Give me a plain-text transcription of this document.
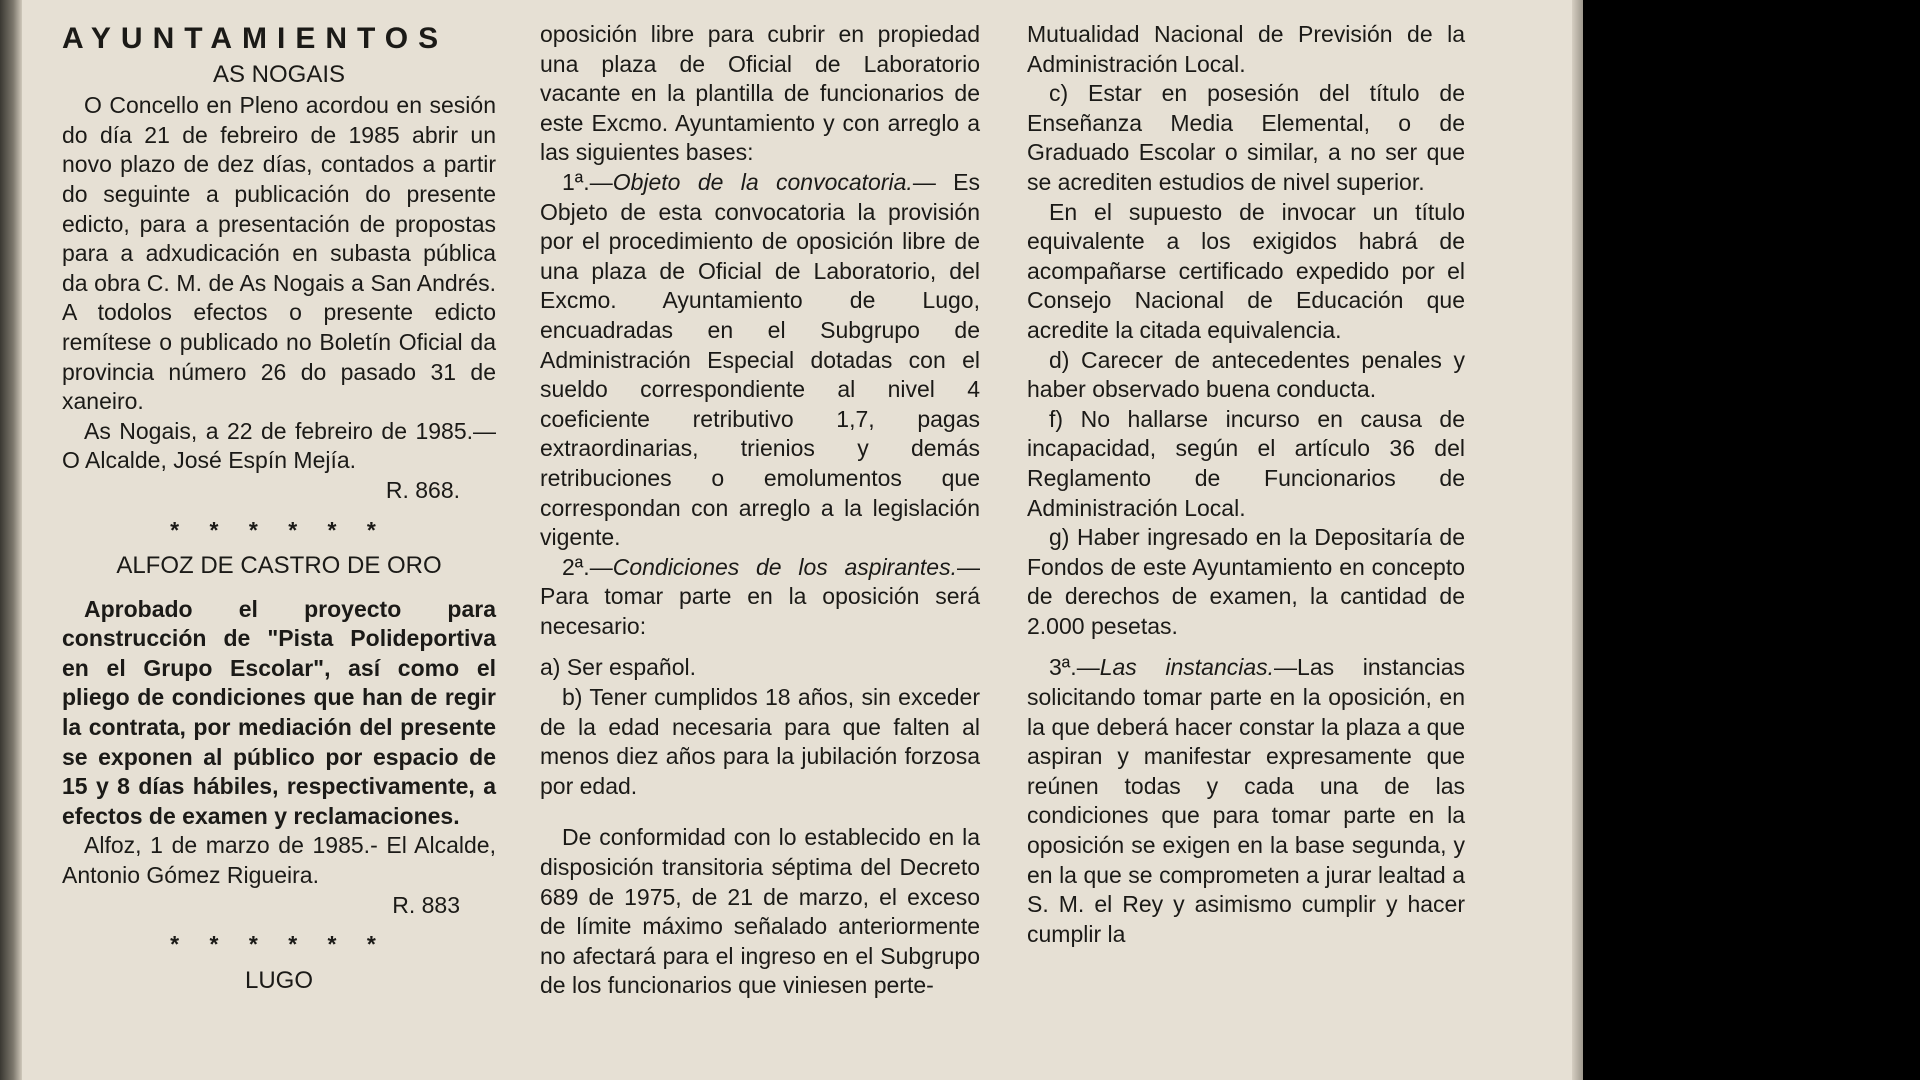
AYUNTAMIENTOS

AS NOGAIS

O Concello en Pleno acordou en sesión do día 21 de febreiro de 1985 abrir un novo plazo de dez días, contados a partir do seguinte a publicación do presente edicto, para a presentación de propostas para a adxudicación en subasta pública da obra C. M. de As Nogais a San Andrés. A todolos efectos o presente edicto remítese o publicado no Boletín Oficial da provincia número 26 do pasado 31 de xaneiro.

As Nogais, a 22 de febreiro de 1985.—O Alcalde, José Espín Mejía.

R. 868.

* * * * * *

ALFOZ DE CASTRO DE ORO

Aprobado el proyecto para construcción de "Pista Polideportiva en el Grupo Escolar", así como el pliego de condiciones que han de regir la contrata, por mediación del presente se exponen al público por espacio de 15 y 8 días hábiles, respectivamente, a efectos de examen y reclamaciones.

Alfoz, 1 de marzo de 1985.- El Alcalde, Antonio Gómez Rigueira.

R. 883

* * * * * *

LUGO

oposición libre para cubrir en propiedad una plaza de Oficial de Laboratorio vacante en la plantilla de funcionarios de este Excmo. Ayuntamiento y con arreglo a las siguientes bases:

1ª.—Objeto de la convocatoria.— Es Objeto de esta convocatoria la provisión por el procedimiento de oposición libre de una plaza de Oficial de Laboratorio, del Excmo. Ayuntamiento de Lugo, encuadradas en el Subgrupo de Administración Especial dotadas con el sueldo correspondiente al nivel 4 coeficiente retributivo 1,7, pagas extraordinarias, trienios y demás retribuciones o emolumentos que correspondan con arreglo a la legislación vigente.

2ª.—Condiciones de los aspirantes.—Para tomar parte en la oposición será necesario:

a) Ser español.

b) Tener cumplidos 18 años, sin exceder de la edad necesaria para que falten al menos diez años para la jubilación forzosa por edad.

De conformidad con lo establecido en la disposición transitoria séptima del Decreto 689 de 1975, de 21 de marzo, el exceso de límite máximo señalado anteriormente no afectará para el ingreso en el Subgrupo de los funcionarios que viniesen perte-

Mutualidad Nacional de Previsión de la Administración Local.

c) Estar en posesión del título de Enseñanza Media Elemental, o de Graduado Escolar o similar, a no ser que se acrediten estudios de nivel superior.

En el supuesto de invocar un título equivalente a los exigidos habrá de acompañarse certificado expedido por el Consejo Nacional de Educación que acredite la citada equivalencia.

d) Carecer de antecedentes penales y haber observado buena conducta.

f) No hallarse incurso en causa de incapacidad, según el artículo 36 del Reglamento de Funcionarios de Administración Local.

g) Haber ingresado en la Depositaría de Fondos de este Ayuntamiento en concepto de derechos de examen, la cantidad de 2.000 pesetas.

3ª.—Las instancias.—Las instancias solicitando tomar parte en la oposición, en la que deberá hacer constar la plaza a que aspiran y manifestar expresamente que reúnen todas y cada una de las condiciones que para tomar parte en la oposición se exigen en la base segunda, y en la que se comprometen a jurar lealtad a S. M. el Rey y asimismo cumplir y hacer cumplir la
